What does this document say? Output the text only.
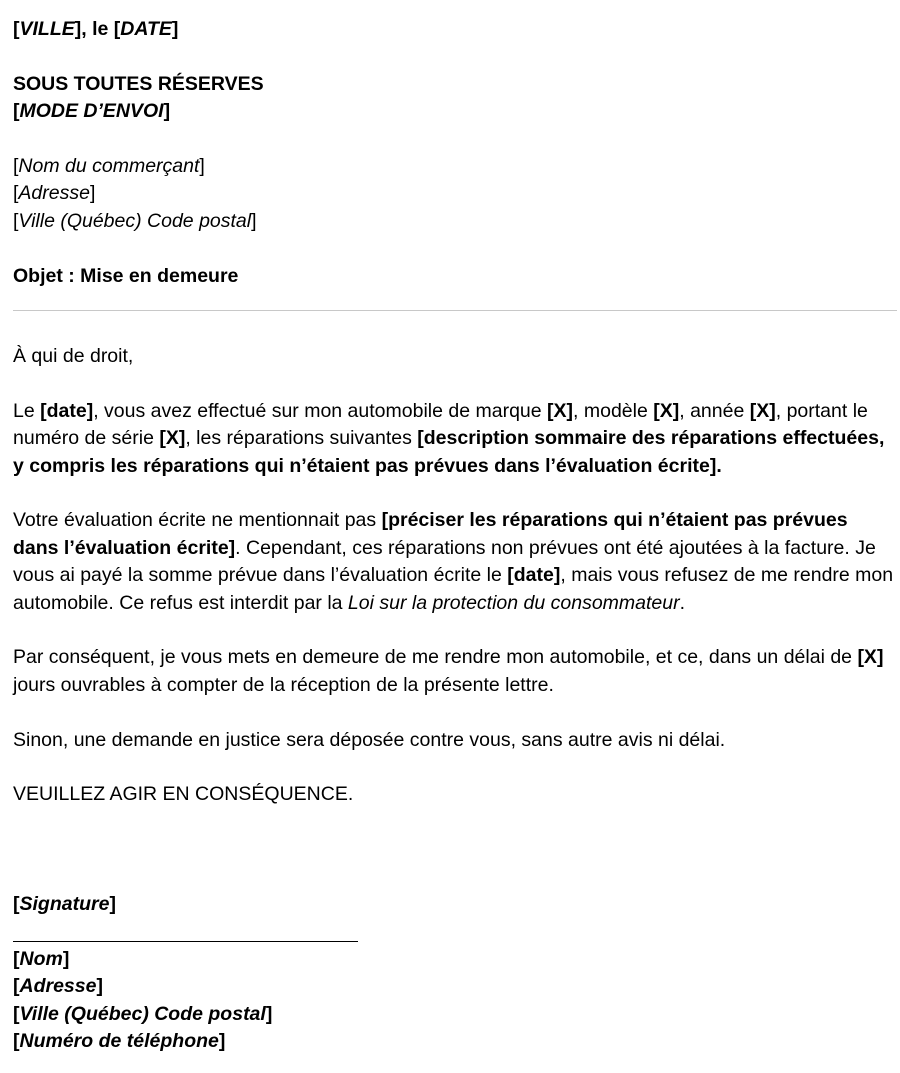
[VILLE], le [DATE]

SOUS TOUTES RÉSERVES

[MODE D’ENVOI]

[Nom du commerçant]

[Adresse]

[Ville (Québec) Code postal]

Objet : Mise en demeure

À qui de droit,

Le [date], vous avez effectué sur mon automobile de marque [X], modèle [X], année [X], portant le numéro de série [X], les réparations suivantes [description sommaire des réparations effectuées, y compris les réparations qui n’étaient pas prévues dans l’évaluation écrite].

Votre évaluation écrite ne mentionnait pas [préciser les réparations qui n’étaient pas prévues dans l’évaluation écrite]. Cependant, ces réparations non prévues ont été ajoutées à la facture. Je vous ai payé la somme prévue dans l’évaluation écrite le [date], mais vous refusez de me rendre mon automobile. Ce refus est interdit par la Loi sur la protection du consommateur.

Par conséquent, je vous mets en demeure de me rendre mon automobile, et ce, dans un délai de [X] jours ouvrables à compter de la réception de la présente lettre.

Sinon, une demande en justice sera déposée contre vous, sans autre avis ni délai.

VEUILLEZ AGIR EN CONSÉQUENCE.

[Signature]

[Nom]

[Adresse]

[Ville (Québec) Code postal]

[Numéro de téléphone]
